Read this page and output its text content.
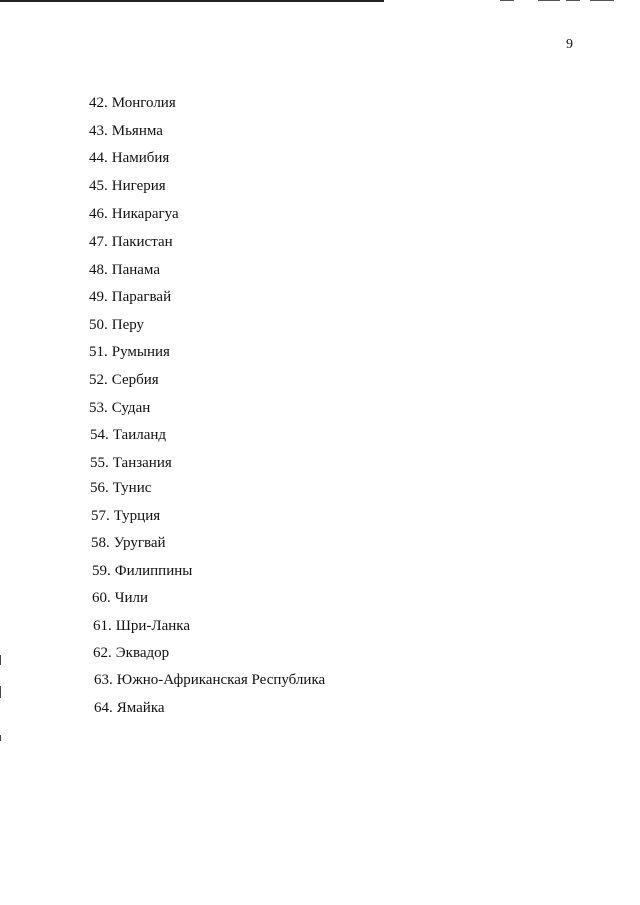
9
42. Монголия
43. Мьянма
44. Намибия
45. Нигерия
46. Никарагуа
47. Пакистан
48. Панама
49. Парагвай
50. Перу
51. Румыния
52. Сербия
53. Судан
54. Таиланд
55. Танзания
56. Тунис
57. Турция
58. Уругвай
59. Филиппины
60. Чили
61. Шри-Ланка
62. Эквадор
63. Южно-Африканская Республика
64. Ямайка
